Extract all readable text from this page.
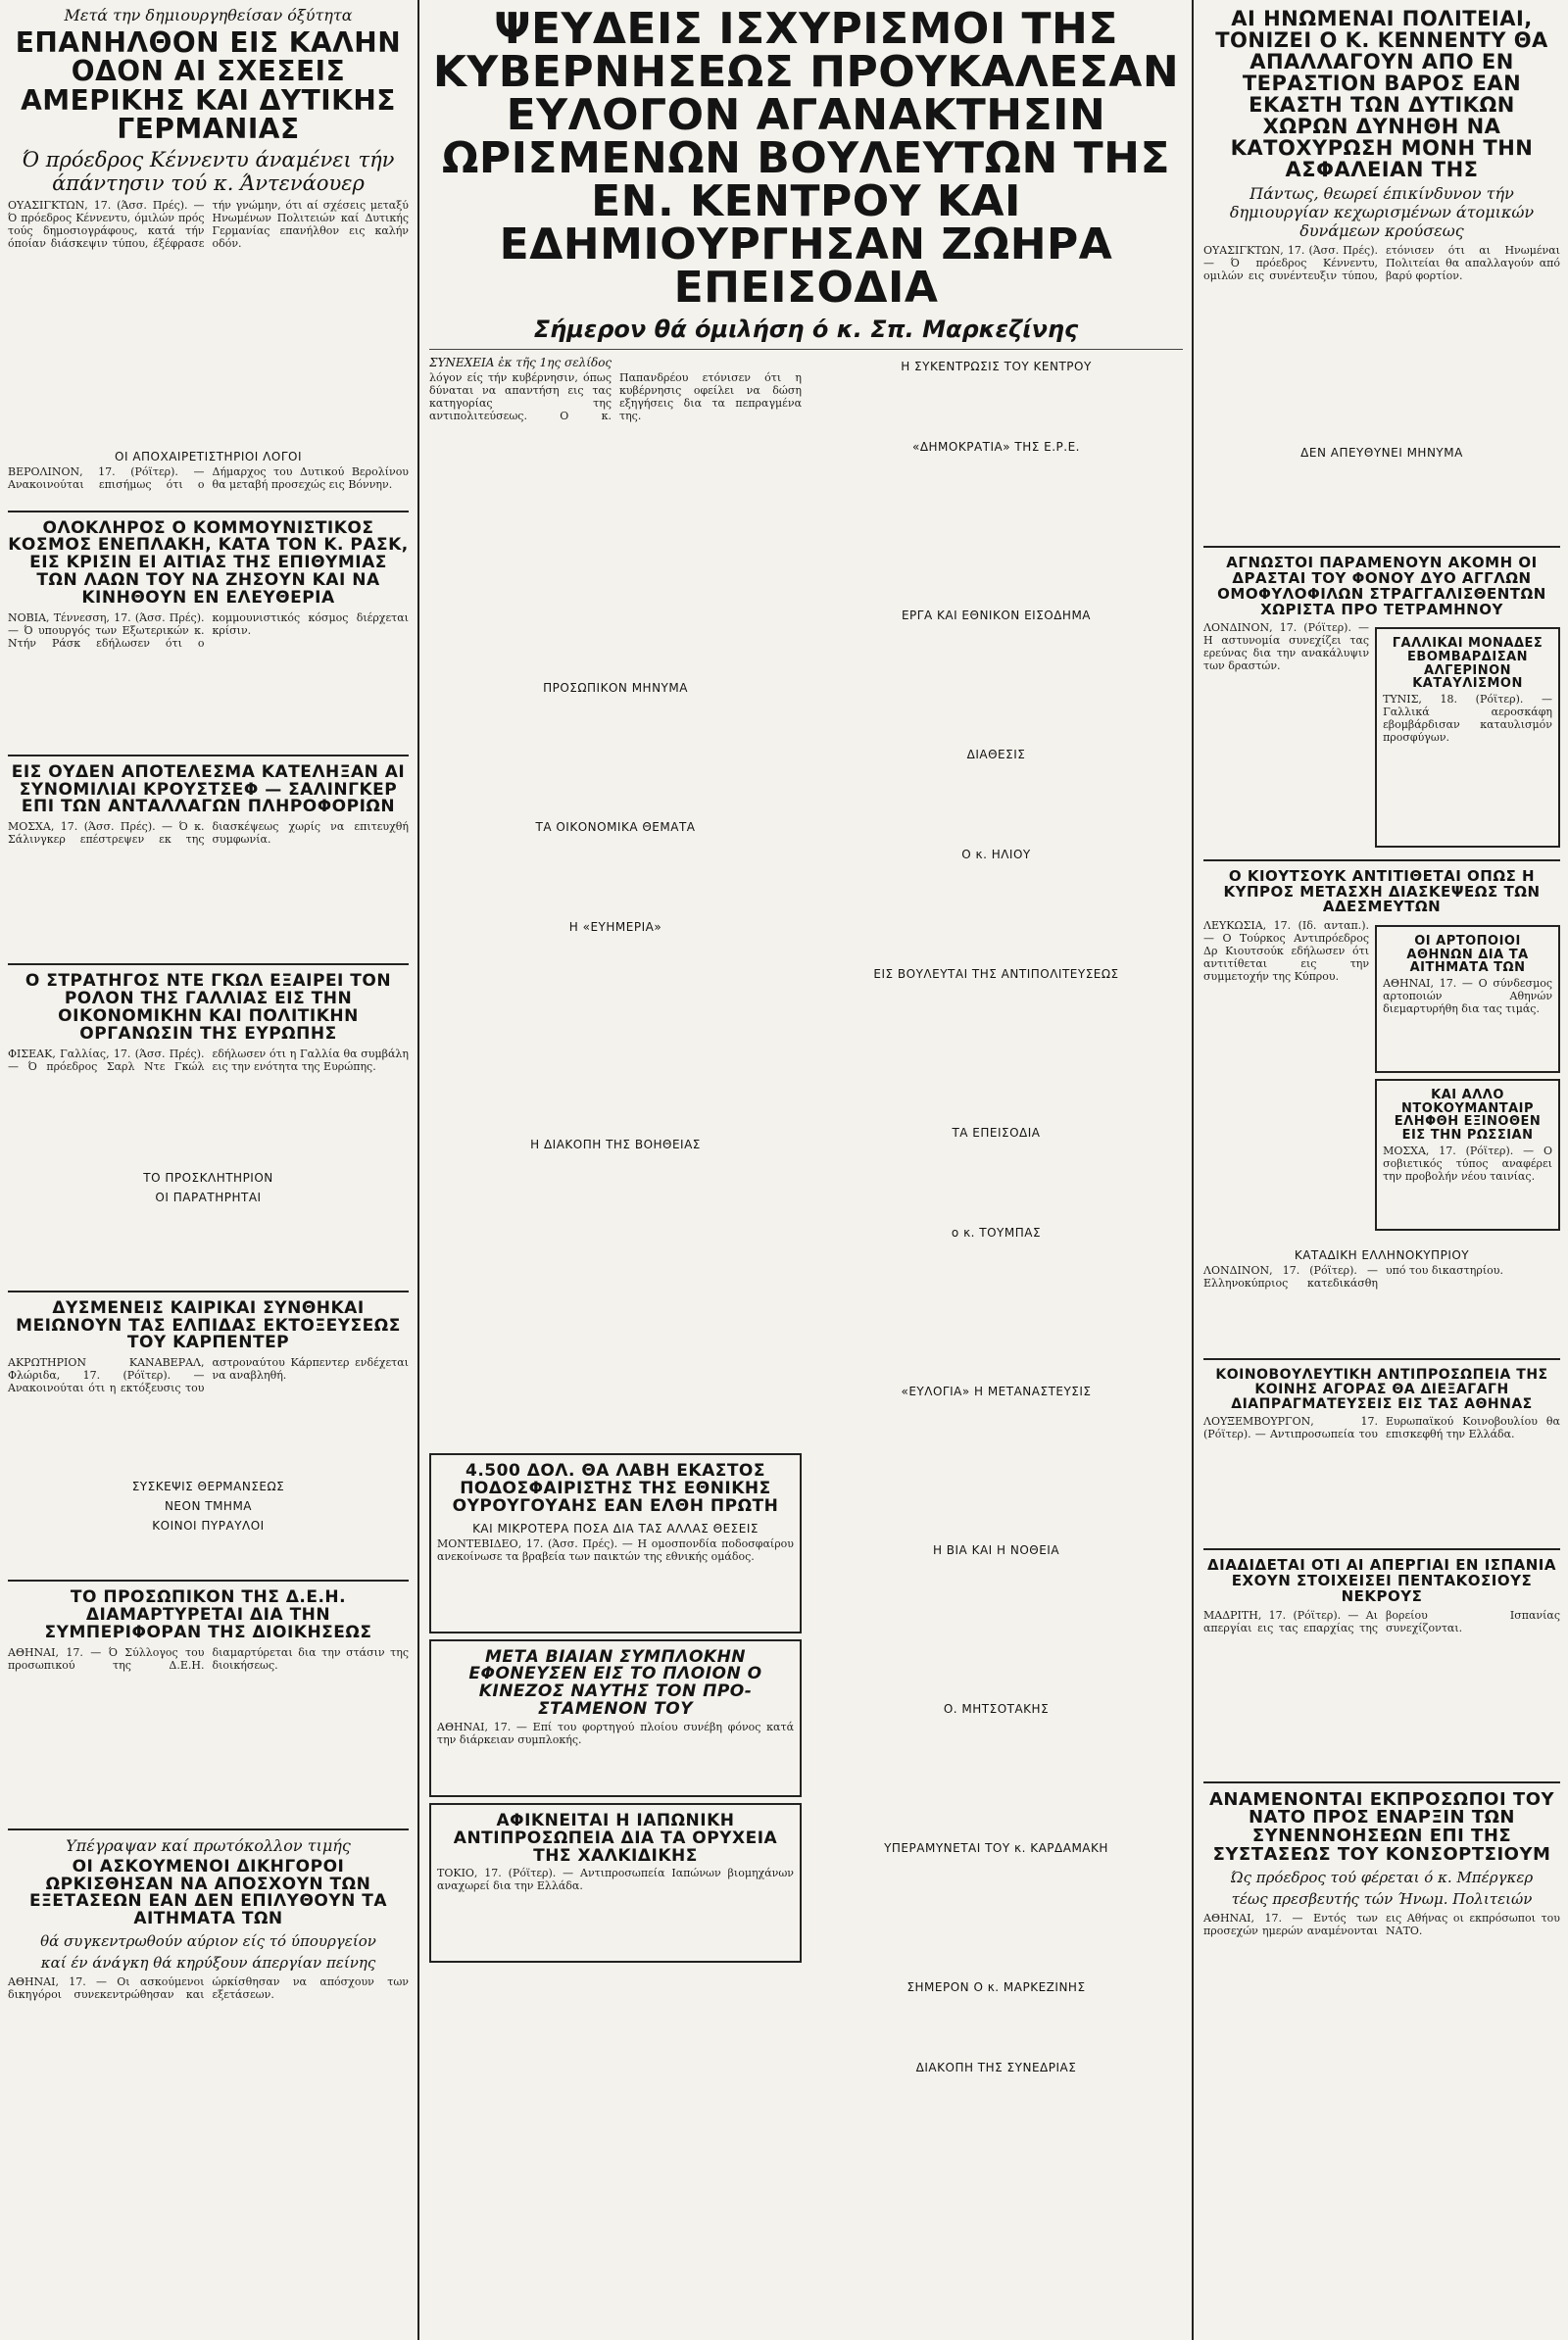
Μετά την δημιουργηθείσαν όξύτητα
ΕΠΑΝΗΛΘΟΝ ΕΙΣ ΚΑΛΗΝ ΟΔΟΝ ΑΙ ΣΧΕΣΕΙΣ ΑΜΕΡΙΚΗΣ ΚΑΙ ΔΥΤΙΚΗΣ ΓΕΡΜΑΝΙΑΣ
Ό πρόεδρος Κέννεντυ άναμένει τήν άπάντησιν τού κ. Άντενάουερ
ΟΥΑΣΙΓΚΤΩΝ, 17. (Άσσ. Πρές). — Ό πρόεδρος Κέννεντυ, όμιλών πρός τούς δημοσιογράφους, κατά τήν όποίαν διάσκεψιν τύπου, έξέφρασε τήν γνώμην, ότι αί σχέσεις μεταξύ Ηνωμένων Πολιτειών καί Δυτικής Γερμανίας επανήλθον εις καλήν οδόν.
ΟΙ ΑΠΟΧΑΙΡΕΤΙΣΤΗΡΙΟΙ ΛΟΓΟΙ
ΒΕΡΟΛΙΝΟΝ, 17. (Ρόϊτερ). — Ανακοινούται επισήμως ότι ο Δήμαρχος του Δυτικού Βερολίνου θα μεταβή προσεχώς εις Βόννην.
ΟΛΟΚΛΗΡΟΣ Ο ΚΟΜΜΟΥΝΙΣΤΙΚΟΣ ΚΟΣΜΟΣ ΕΝΕΠΛΑΚΗ, ΚΑΤΑ ΤΟΝ Κ. ΡΑΣΚ, ΕΙΣ ΚΡΙΣΙΝ ΕΙ ΑΙΤΙΑΣ ΤΗΣ ΕΠΙΘΥΜΙΑΣ ΤΩΝ ΛΑΩΝ ΤΟΥ ΝΑ ΖΗΣΟΥΝ ΚΑΙ ΝΑ ΚΙΝΗΘΟΥΝ ΕΝ ΕΛΕΥΘΕΡΙΑ
ΝΟΒΙΑ, Τέννεσση, 17. (Άσσ. Πρές). — Ό υπουργός των Εξωτερικών κ. Ντήν Ράσκ εδήλωσεν ότι ο κομμουνιστικός κόσμος διέρχεται κρίσιν.
ΕΙΣ ΟΥΔΕΝ ΑΠΟΤΕΛΕΣΜΑ ΚΑΤΕΛΗΞΑΝ ΑΙ ΣΥΝΟΜΙΛΙΑΙ ΚΡΟΥΣΤΣΕΦ — ΣΑΛΙΝΓΚΕΡ ΕΠΙ ΤΩΝ ΑΝΤΑΛΛΑΓΩΝ ΠΛΗΡΟΦΟΡΙΩΝ
ΜΟΣΧΑ, 17. (Άσσ. Πρές). — Ό κ. Σάλινγκερ επέστρεψεν εκ της διασκέψεως χωρίς να επιτευχθή συμφωνία.
Ο ΣΤΡΑΤΗΓΟΣ ΝΤΕ ΓΚΩΛ ΕΞΑΙΡΕΙ ΤΟΝ ΡΟΛΟΝ ΤΗΣ ΓΑΛΛΙΑΣ ΕΙΣ ΤΗΝ ΟΙΚΟΝΟΜΙΚΗΝ ΚΑΙ ΠΟΛΙΤΙΚΗΝ ΟΡΓΑΝΩΣΙΝ ΤΗΣ ΕΥΡΩΠΗΣ
ΦΙΣΕΑΚ, Γαλλίας, 17. (Άσσ. Πρές). — Ό πρόεδρος Σαρλ Ντε Γκώλ εδήλωσεν ότι η Γαλλία θα συμβάλη εις την ενότητα της Ευρώπης.
ΤΟ ΠΡΟΣΚΛΗΤΗΡΙΟΝ
ΟΙ ΠΑΡΑΤΗΡΗΤΑΙ
ΔΥΣΜΕΝΕΙΣ ΚΑΙΡΙΚΑΙ ΣΥΝΘΗΚΑΙ ΜΕΙΩΝΟΥΝ ΤΑΣ ΕΛΠΙΔΑΣ ΕΚΤΟΞΕΥΣΕΩΣ ΤΟΥ ΚΑΡΠΕΝΤΕΡ
ΑΚΡΩΤΗΡΙΟΝ ΚΑΝΑΒΕΡΑΛ, Φλώριδα, 17. (Ρόϊτερ). — Ανακοινούται ότι η εκτόξευσις του αστροναύτου Κάρπεντερ ενδέχεται να αναβληθή.
ΣΥΣΚΕΨΙΣ ΘΕΡΜΑΝΣΕΩΣ
ΝΕΟΝ ΤΜΗΜΑ
ΚΟΙΝΟΙ ΠΥΡΑΥΛΟΙ
ΤΟ ΠΡΟΣΩΠΙΚΟΝ ΤΗΣ Δ.Ε.Η. ΔΙΑΜΑΡΤΥΡΕΤΑΙ ΔΙΑ ΤΗΝ ΣΥΜΠΕΡΙΦΟΡΑΝ ΤΗΣ ΔΙΟΙΚΗΣΕΩΣ
ΑΘΗΝΑΙ, 17. — Ό Σύλλογος του προσωπικού της Δ.Ε.Η. διαμαρτύρεται δια την στάσιν της διοικήσεως.
Υπέγραψαν καί πρωτόκολλον τιμής
ΟΙ ΑΣΚΟΥΜΕΝΟΙ ΔΙΚΗΓΟΡΟΙ ΩΡΚΙΣΘΗΣΑΝ ΝΑ ΑΠΟΣΧΟΥΝ ΤΩΝ ΕΞΕΤΑΣΕΩΝ ΕΑΝ ΔΕΝ ΕΠΙΛΥΘΟΥΝ ΤΑ ΑΙΤΗΜΑΤΑ ΤΩΝ
θά συγκεντρωθούν αύριον είς τό ύπουργείον
καί έν άνάγκη θά κηρύξουν άπεργίαν πείνης
ΑΘΗΝΑΙ, 17. — Οι ασκούμενοι δικηγόροι συνεκεντρώθησαν και ώρκίσθησαν να απόσχουν των εξετάσεων.
ΨΕΥΔΕΙΣ ΙΣΧΥΡΙΣΜΟΙ ΤΗΣ ΚΥΒΕΡΝΗΣΕΩΣ ΠΡΟΥΚΑΛΕΣΑΝ ΕΥΛΟΓΟΝ ΑΓΑΝΑΚΤΗΣΙΝ ΩΡΙΣΜΕΝΩΝ ΒΟΥΛΕΥΤΩΝ ΤΗΣ ΕΝ. ΚΕΝΤΡΟΥ ΚΑΙ ΕΔΗΜΙΟΥΡΓΗΣΑΝ ΖΩΗΡΑ ΕΠΕΙΣΟΔΙΑ
Σήμερον θά όμιλήση ό κ. Σπ. Μαρκεζίνης
ΣΥΝΕΧΕΙΑ ἐκ τῆς 1ης σελίδος
λόγον είς τήν κυβέρνησιν, όπως δύναται να απαντήση εις τας κατηγορίας της αντιπολιτεύσεως. Ο κ. Παπανδρέου ετόνισεν ότι η κυβέρνησις οφείλει να δώση εξηγήσεις δια τα πεπραγμένα της.
ΠΡΟΣΩΠΙΚΟΝ ΜΗΝΥΜΑ
ΤΑ ΟΙΚΟΝΟΜΙΚΑ ΘΕΜΑΤΑ
Η «ΕΥΗΜΕΡΙΑ»
Η ΔΙΑΚΟΠΗ ΤΗΣ ΒΟΗΘΕΙΑΣ
4.500 ΔΟΛ. ΘΑ ΛΑΒΗ ΕΚΑΣΤΟΣ ΠΟΔΟΣΦΑΙΡΙΣΤΗΣ ΤΗΣ ΕΘΝΙΚΗΣ ΟΥΡΟΥΓΟΥΑΗΣ ΕΑΝ ΕΛΘΗ ΠΡΩΤΗ
ΚΑΙ ΜΙΚΡΟΤΕΡΑ ΠΟΣΑ ΔΙΑ ΤΑΣ ΑΛΛΑΣ ΘΕΣΕΙΣ
ΜΟΝΤΕΒΙΔΕΟ, 17. (Άσσ. Πρές). — Η ομοσπονδία ποδοσφαίρου ανεκοίνωσε τα βραβεία των παικτών της εθνικής ομάδος.
ΜΕΤΑ ΒΙΑΙΑΝ ΣΥΜΠΛΟΚΗΝ ΕΦΟΝΕΥΣΕΝ ΕΙΣ ΤΟ ΠΛΟΙΟΝ Ο ΚΙΝΕΖΟΣ ΝΑΥΤΗΣ ΤΟΝ ΠΡΟ-ΣΤΑΜΕΝΟΝ ΤΟΥ
ΑΘΗΝΑΙ, 17. — Επί του φορτηγού πλοίου συνέβη φόνος κατά την διάρκειαν συμπλοκής.
ΑΦΙΚΝΕΙΤΑΙ Η ΙΑΠΩΝΙΚΗ ΑΝΤΙΠΡΟΣΩΠΕΙΑ ΔΙΑ ΤΑ ΟΡΥΧΕΙΑ ΤΗΣ ΧΑΛΚΙΔΙΚΗΣ
ΤΟΚΙΟ, 17. (Ρόϊτερ). — Αντιπροσωπεία Ιαπώνων βιομηχάνων αναχωρεί δια την Ελλάδα.
Η ΣΥΚΕΝΤΡΩΣΙΣ ΤΟΥ ΚΕΝΤΡΟΥ
«ΔΗΜΟΚΡΑΤΙΑ» ΤΗΣ Ε.Ρ.Ε.
ΕΡΓΑ ΚΑΙ ΕΘΝΙΚΟΝ ΕΙΣΟΔΗΜΑ
ΔΙΑΘΕΣΙΣ
Ο κ. ΗΛΙΟΥ
ΕΙΣ ΒΟΥΛΕΥΤΑΙ ΤΗΣ ΑΝΤΙΠΟΛΙΤΕΥΣΕΩΣ
ΤΑ ΕΠΕΙΣΟΔΙΑ
ο κ. ΤΟΥΜΠΑΣ
«ΕΥΛΟΓΙΑ» Η ΜΕΤΑΝΑΣΤΕΥΣΙΣ
Η ΒΙΑ ΚΑΙ Η ΝΟΘΕΙΑ
Ο. ΜΗΤΣΟΤΑΚΗΣ
ΥΠΕΡΑΜΥΝΕΤΑΙ ΤΟΥ κ. ΚΑΡΔΑΜΑΚΗ
ΣΗΜΕΡΟΝ Ο κ. ΜΑΡΚΕΖΙΝΗΣ
ΔΙΑΚΟΠΗ ΤΗΣ ΣΥΝΕΔΡΙΑΣ
ΑΙ ΗΝΩΜΕΝΑΙ ΠΟΛΙΤΕΙΑΙ, ΤΟΝΙΖΕΙ Ο Κ. ΚΕΝΝΕΝΤΥ ΘΑ ΑΠΑΛΛΑΓΟΥΝ ΑΠΟ ΕΝ ΤΕΡΑΣΤΙΟΝ ΒΑΡΟΣ ΕΑΝ ΕΚΑΣΤΗ ΤΩΝ ΔΥΤΙΚΩΝ ΧΩΡΩΝ ΔΥΝΗΘΗ ΝΑ ΚΑΤΟΧΥΡΩΣΗ ΜΟΝΗ ΤΗΝ ΑΣΦΑΛΕΙΑΝ ΤΗΣ
Πάντως, θεωρεί έπικίνδυνον τήν δημιουργίαν κεχωρισμένων άτομικών δυνάμεων κρούσεως
ΟΥΑΣΙΓΚΤΩΝ, 17. (Άσσ. Πρές). — Ό πρόεδρος Κέννεντυ, ομιλών εις συνέντευξιν τύπου, ετόνισεν ότι αι Ηνωμέναι Πολιτείαι θα απαλλαγούν από βαρύ φορτίον.
ΔΕΝ ΑΠΕΥΘΥΝΕΙ ΜΗΝΥΜΑ
ΑΓΝΩΣΤΟΙ ΠΑΡΑΜΕΝΟΥΝ ΑΚΟΜΗ ΟΙ ΔΡΑΣΤΑΙ ΤΟΥ ΦΟΝΟΥ ΔΥΟ ΑΓΓΛΩΝ ΟΜΟΦΥΛΟΦΙΛΩΝ ΣΤΡΑΓΓΑΛΙΣΘΕΝΤΩΝ ΧΩΡΙΣΤΑ ΠΡΟ ΤΕΤΡΑΜΗΝΟΥ
ΛΟΝΔΙΝΟΝ, 17. (Ρόϊτερ). — Η αστυνομία συνεχίζει τας ερεύνας δια την ανακάλυψιν των δραστών.
ΓΑΛΛΙΚΑΙ ΜΟΝΑΔΕΣ ΕΒΟΜΒΑΡΔΙΣΑΝ ΑΛΓΕΡΙΝΟΝ ΚΑΤΑΥΛΙΣΜΟΝ
ΤΥΝΙΣ, 18. (Ρόϊτερ). — Γαλλικά αεροσκάφη εβομβάρδισαν καταυλισμόν προσφύγων.
Ο ΚΙΟΥΤΣΟΥΚ ΑΝΤΙΤΙΘΕΤΑΙ ΟΠΩΣ Η ΚΥΠΡΟΣ ΜΕΤΑΣΧΗ ΔΙΑΣΚΕΨΕΩΣ ΤΩΝ ΑΔΕΣΜΕΥΤΩΝ
ΛΕΥΚΩΣΙΑ, 17. (Ιδ. ανταπ.). — Ο Τούρκος Αντιπρόεδρος Δρ Κιουτσούκ εδήλωσεν ότι αντιτίθεται εις την συμμετοχήν της Κύπρου.
ΟΙ ΑΡΤΟΠΟΙΟΙ ΑΘΗΝΩΝ ΔΙΑ ΤΑ ΑΙΤΗΜΑΤΑ ΤΩΝ
ΑΘΗΝΑΙ, 17. — Ο σύνδεσμος αρτοποιών Αθηνών διεμαρτυρήθη δια τας τιμάς.
ΚΑΙ ΑΛΛΟ ΝΤΟΚΟΥΜΑΝΤΑΙΡ ΕΛΗΦΘΗ ΕΞΙΝΟΘΕΝ ΕΙΣ ΤΗΝ ΡΩΣΣΙΑΝ
ΜΟΣΧΑ, 17. (Ρόϊτερ). — Ο σοβιετικός τύπος αναφέρει την προβολήν νέου ταινίας.
ΚΑΤΑΔΙΚΗ ΕΛΛΗΝΟΚΥΠΡΙΟΥ
ΛΟΝΔΙΝΟΝ, 17. (Ρόϊτερ). — Ελληνοκύπριος κατεδικάσθη υπό του δικαστηρίου.
ΚΟΙΝΟΒΟΥΛΕΥΤΙΚΗ ΑΝΤΙΠΡΟΣΩΠΕΙΑ ΤΗΣ ΚΟΙΝΗΣ ΑΓΟΡΑΣ ΘΑ ΔΙΕΞΑΓΑΓΗ ΔΙΑΠΡΑΓΜΑΤΕΥΣΕΙΣ ΕΙΣ ΤΑΣ ΑΘΗΝΑΣ
ΛΟΥΞΕΜΒΟΥΡΓΟΝ, 17. (Ρόϊτερ). — Αντιπροσωπεία του Ευρωπαϊκού Κοινοβουλίου θα επισκεφθή την Ελλάδα.
ΔΙΑΔΙΔΕΤΑΙ ΟΤΙ ΑΙ ΑΠΕΡΓΙΑΙ ΕΝ ΙΣΠΑΝΙΑ ΕΧΟΥΝ ΣΤΟΙΧΕΙΣΕΙ ΠΕΝΤΑΚΟΣΙΟΥΣ ΝΕΚΡΟΥΣ
ΜΑΔΡΙΤΗ, 17. (Ρόϊτερ). — Αι απεργίαι εις τας επαρχίας της βορείου Ισπανίας συνεχίζονται.
ΑΝΑΜΕΝΟΝΤΑΙ ΕΚΠΡΟΣΩΠΟΙ ΤΟΥ ΝΑΤΟ ΠΡΟΣ ΕΝΑΡΞΙΝ ΤΩΝ ΣΥΝΕΝΝΟΗΣΕΩΝ ΕΠΙ ΤΗΣ ΣΥΣΤΑΣΕΩΣ ΤΟΥ ΚΟΝΣΟΡΤΣΙΟΥΜ
Ώς πρόεδρος τού φέρεται ό κ. Μπέργκερ
τέως πρεσβευτής τών Ήνωμ. Πολιτειών
ΑΘΗΝΑΙ, 17. — Εντός των προσεχών ημερών αναμένονται εις Αθήνας οι εκπρόσωποι του ΝΑΤΟ.
